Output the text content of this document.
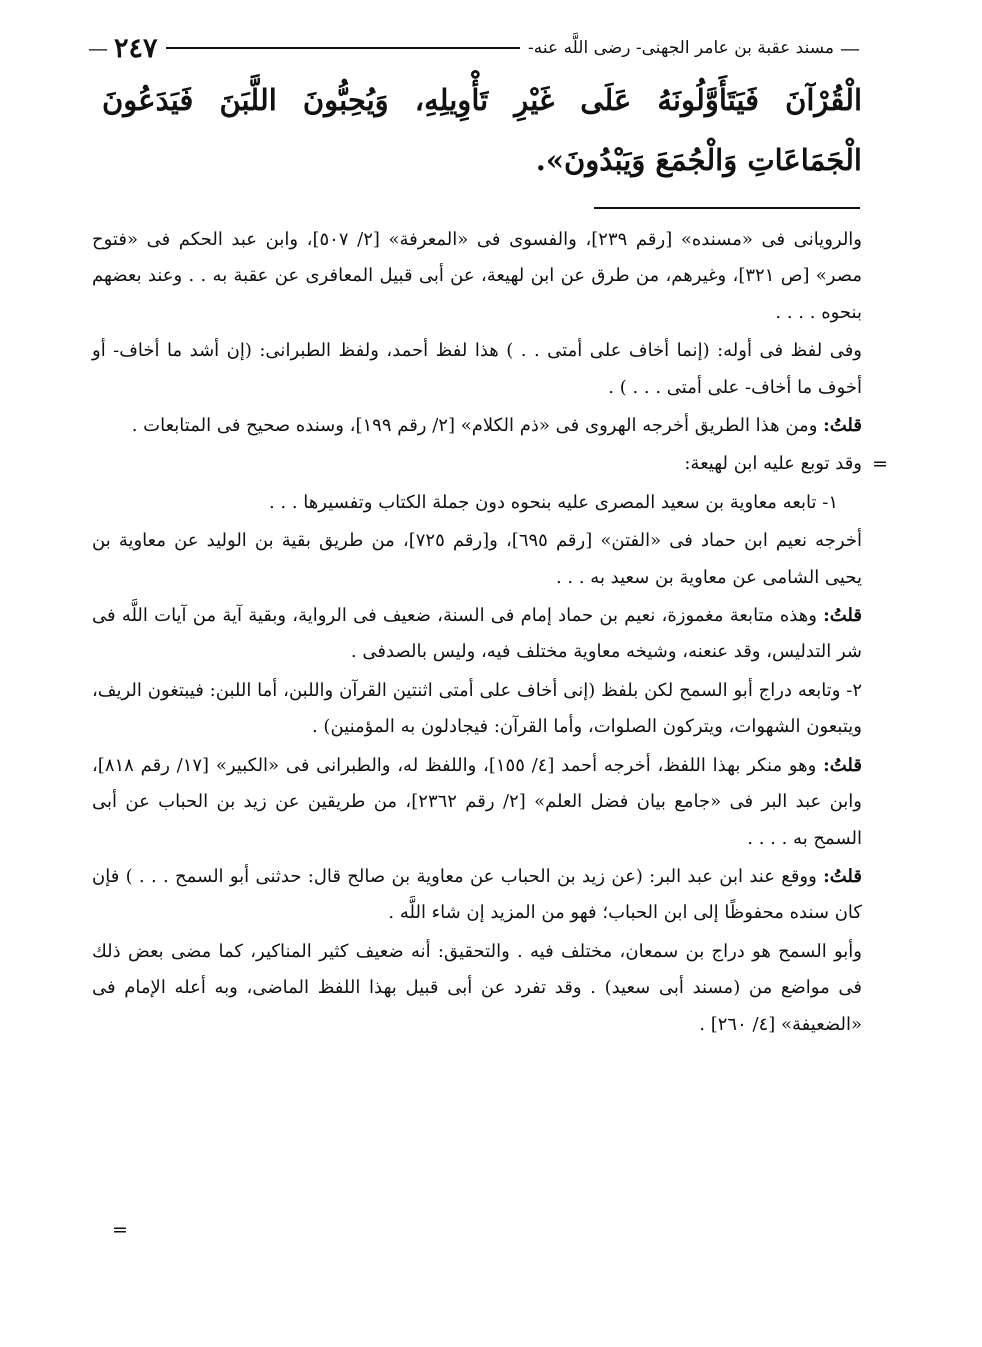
—
مسند عقبة بن عامر الجهنى- رضى اللَّه عنه-
٢٤٧
—
الْقُرْآنَ فَيَتَأَوَّلُونَهُ عَلَى غَيْرِ تَأْوِيلِهِ، وَيُحِبُّونَ اللَّبَنَ فَيَدَعُونَ الْجَمَاعَاتِ وَالْجُمَعَ وَيَبْدُونَ».
=

والرويانى فى «مسنده» [رقم ٢٣٩]، والفسوى فى «المعرفة» [٢/ ٥٠٧]، وابن عبد الحكم فى «فتوح مصر» [ص ٣٢١]، وغيرهم، من طرق عن ابن لهيعة، عن أبى قبيل المعافرى عن عقبة به . . وعند بعضهم بنحوه . . . .

وفى لفظ فى أوله: (إنما أخاف على أمتى . . ) هذا لفظ أحمد، ولفظ الطبرانى: (إن أشد ما أخاف- أو أخوف ما أخاف- على أمتى . . . ) .

قلتُ: ومن هذا الطريق أخرجه الهروى فى «ذم الكلام» [٢/ رقم ١٩٩]، وسنده صحيح فى المتابعات .

وقد توبع عليه ابن لهيعة:

١- تابعه معاوية بن سعيد المصرى عليه بنحوه دون جملة الكتاب وتفسيرها . . .

أخرجه نعيم ابن حماد فى «الفتن» [رقم ٦٩٥]، و[رقم ٧٢٥]، من طريق بقية بن الوليد عن معاوية بن يحيى الشامى عن معاوية بن سعيد به . . .

قلتُ: وهذه متابعة مغموزة، نعيم بن حماد إمام فى السنة، ضعيف فى الرواية، وبقية آية من آيات اللَّه فى شر التدليس، وقد عنعنه، وشيخه معاوية مختلف فيه، وليس بالصدفى .

٢- وتابعه دراج أبو السمح لكن بلفظ (إنى أخاف على أمتى اثنتين القرآن واللبن، أما اللبن: فيبتغون الريف، ويتبعون الشهوات، ويتركون الصلوات، وأما القرآن: فيجادلون به المؤمنين) .

قلتُ: وهو منكر بهذا اللفظ، أخرجه أحمد [٤/ ١٥٥]، واللفظ له، والطبرانى فى «الكبير» [١٧/ رقم ٨١٨]، وابن عبد البر فى «جامع بيان فضل العلم» [٢/ رقم ٢٣٦٢]، من طريقين عن زيد بن الحباب عن أبى السمح به . . . .

قلتُ: ووقع عند ابن عبد البر: (عن زيد بن الحباب عن معاوية بن صالح قال: حدثنى أبو السمح . . . ) فإن كان سنده محفوظًا إلى ابن الحباب؛ فهو من المزيد إن شاء اللَّه .

وأبو السمح هو دراج بن سمعان، مختلف فيه . والتحقيق: أنه ضعيف كثير المناكير، كما مضى بعض ذلك فى مواضع من (مسند أبى سعيد) . وقد تفرد عن أبى قبيل بهذا اللفظ الماضى، وبه أعله الإمام فى «الضعيفة» [٤/ ٢٦٠] .

=
